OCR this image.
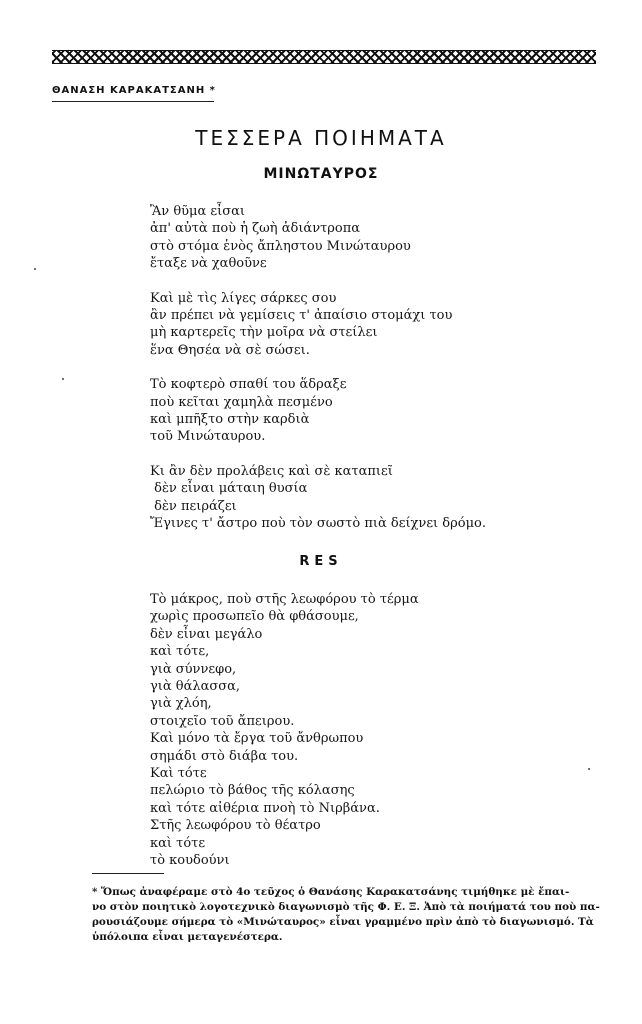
ΘΑΝΑΣΗ ΚΑΡΑΚΑΤΣΑΝΗ *
ΤΕΣΣΕΡΑ ΠΟΙΗΜΑΤΑ
ΜΙΝΩΤΑΥΡΟΣ
Ἂν θῦμα εἶσαι
ἀπ' αὐτὰ ποὺ ἡ ζωὴ ἀδιάντροπα
στὸ στόμα ἑνὸς ἄπληστου Μινώταυρου
ἔταξε νὰ χαθοῦνε
Καὶ μὲ τὶς λίγες σάρκες σου
ἂν πρέπει νὰ γεμίσεις τ' ἀπαίσιο στομάχι του
μὴ καρτερεῖς τὴν μοῖρα νὰ στείλει
ἕνα Θησέα νὰ σὲ σώσει.
Τὸ κοφτερὸ σπαθί του ἅδραξε
ποὺ κεῖται χαμηλὰ πεσμένο
καὶ μπῆξτο στὴν καρδιὰ
τοῦ Μινώταυρου.
Κι ἂν δὲν προλάβεις καὶ σὲ καταπιεῖ
δὲν εἶναι μάταιη θυσία
δὲν πειράζει
Ἔγινες τ' ἄστρο ποὺ τὸν σωστὸ πιὰ δείχνει δρόμο.
RES
Τὸ μάκρος, ποὺ στῆς λεωφόρου τὸ τέρμα
χωρὶς προσωπεῖο θὰ φθάσουμε,
δὲν εἶναι μεγάλο
καὶ τότε,
γιὰ σύννεφο,
γιὰ θάλασσα,
γιὰ χλόη,
στοιχεῖο τοῦ ἄπειρου.
Καὶ μόνο τὰ ἔργα τοῦ ἄνθρωπου
σημάδι στὸ διάβα του.
Καὶ τότε
πελώριο τὸ βάθος τῆς κόλασης
καὶ τότε αἰθέρια πνοὴ τὸ Νιρβάνα.
Στῆς λεωφόρου τὸ θέατρο
καὶ τότε
τὸ κουδούνι
* Ὅπως ἀναφέραμε στὸ 4ο τεῦχος ὁ Θανάσης Καρακατσάνης τιμήθηκε μὲ ἔπαι-
νο στὸν ποιητικὸ λογοτεχνικὸ διαγωνισμὸ τῆς Φ. Ε. Ξ. Ἀπὸ τὰ ποιήματά του ποὺ πα-
ρουσιάζουμε σήμερα τὸ «Μινώταυρος» εἶναι γραμμένο πρὶν ἀπὸ τὸ διαγωνισμό. Τὰ
ὑπόλοιπα εἶναι μεταγενέστερα.
